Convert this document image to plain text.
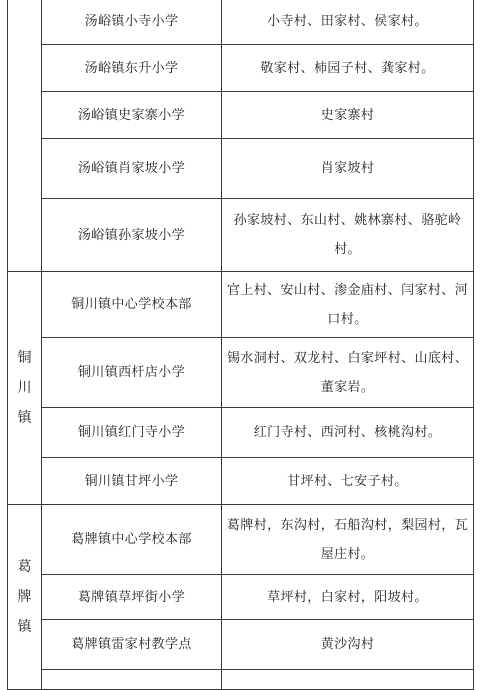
	汤峪镇小寺小学	小寺村、田家村、侯家村。
	汤峪镇东升小学	敬家村、柿园子村、龚家村。
	汤峪镇史家寨小学	史家寨村
	汤峪镇肖家坡小学	肖家坡村
	汤峪镇孙家坡小学	孙家坡村、东山村、姚林寨村、骆驼岭村。
铜川镇	铜川镇中心学校本部	官上村、安山村、渗金庙村、闫家村、河口村。
	铜川镇西杆店小学	锡水洞村、双龙村、白家坪村、山底村、董家岩。
	铜川镇红门寺小学	红门寺村、西河村、核桃沟村。
	铜川镇甘坪小学	甘坪村、七安子村。
葛牌镇	葛牌镇中心学校本部	葛牌村，东沟村，石船沟村，梨园村，瓦屋庄村。
	葛牌镇草坪街小学	草坪村，白家村，阳坡村。
	葛牌镇雷家村教学点	黄沙沟村
